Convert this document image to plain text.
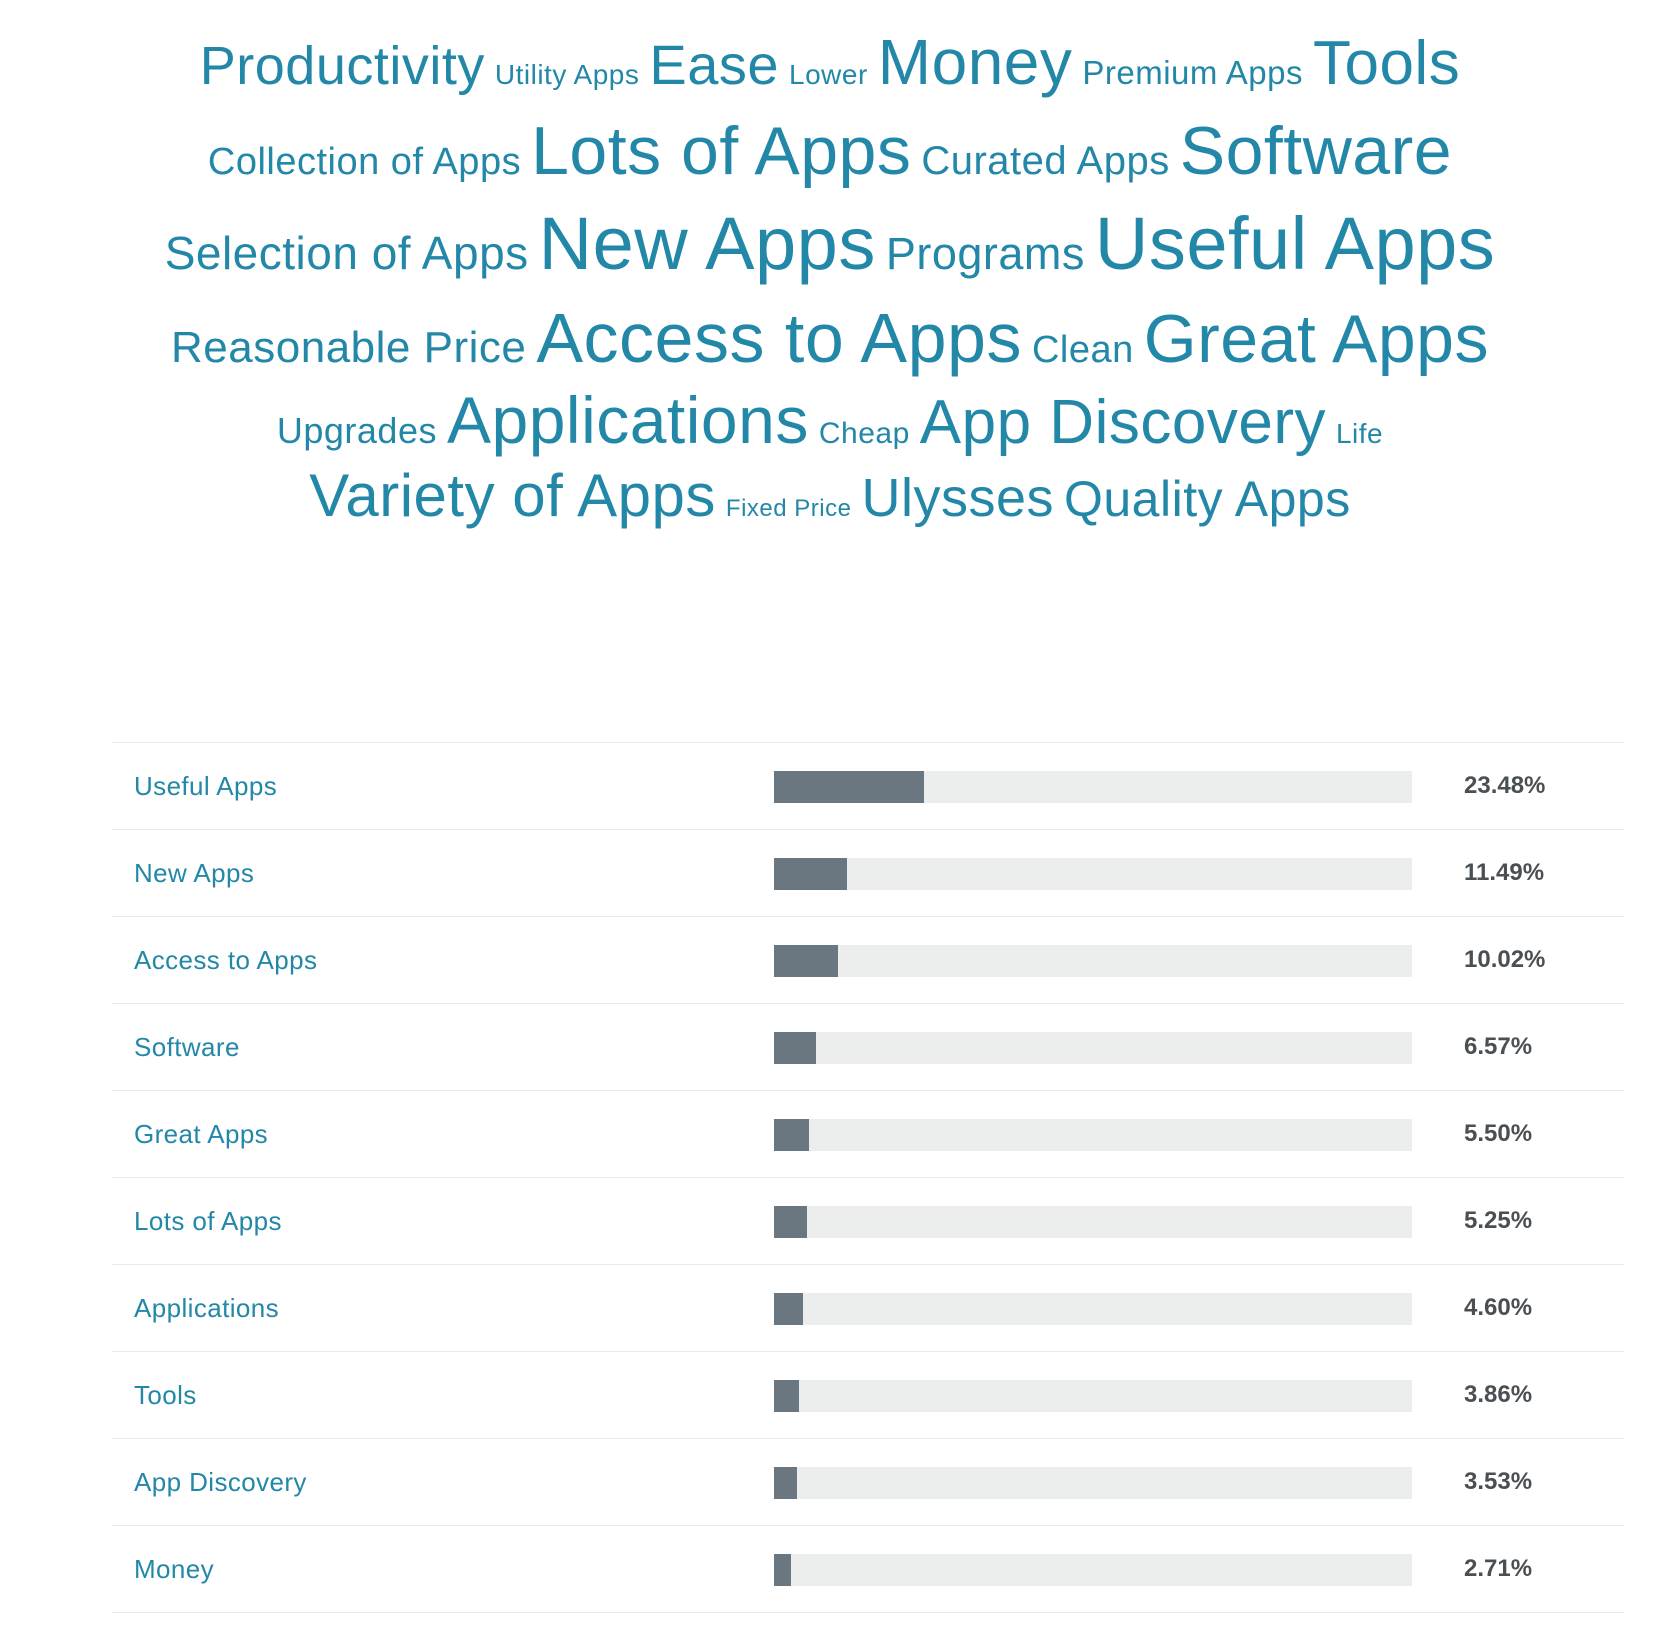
Productivity Utility Apps Ease Lower Money Premium Apps Tools
Collection of Apps Lots of Apps Curated Apps Software
Selection of Apps New Apps Programs Useful Apps
Reasonable Price Access to Apps Clean Great Apps
Upgrades Applications Cheap App Discovery Life
Variety of Apps Fixed Price Ulysses Quality Apps
Useful Apps	23.48%
New Apps	11.49%
Access to Apps	10.02%
Software	6.57%
Great Apps	5.50%
Lots of Apps	5.25%
Applications	4.60%
Tools	3.86%
App Discovery	3.53%
Money	2.71%
